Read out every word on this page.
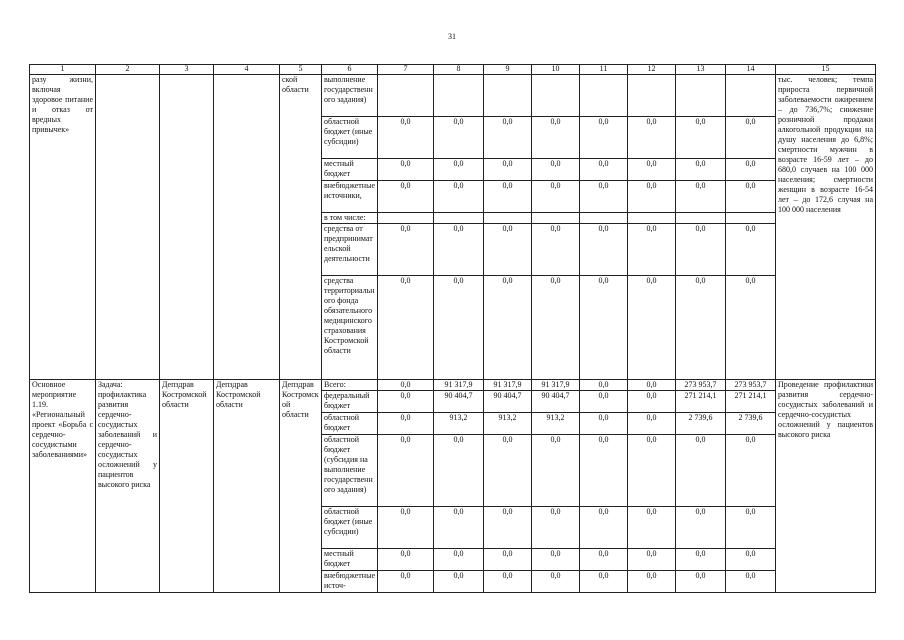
31
1	2	3	4	5	6	7	8	9	10	11	12	13	14	15
разу жизни, включая здоровое питание и отказ от вредных привычек»				ской области	выполнение государственного задания)									тыс. человек; темпа прироста первичной заболеваемости ожирением – до 736,7%; снижение розничной продажи алкогольной продукции на душу населения до 6,8%; смертности мужчин в возрасте 16-59 лет – до 680,0 случаев на 100 000 населения; смертности женщин в возрасте 16-54 лет – до 172,6 случая на 100 000 населения
					областной бюджет (иные субсидии)	0,0	0,0	0,0	0,0	0,0	0,0	0,0	0,0	
					местный бюджет	0,0	0,0	0,0	0,0	0,0	0,0	0,0	0,0	
					внебюджетные источники,	0,0	0,0	0,0	0,0	0,0	0,0	0,0	0,0	
					в том числе:									
					средства от предпринимательской деятельности	0,0	0,0	0,0	0,0	0,0	0,0	0,0	0,0	
					средства территориального фонда обязательного медицинского страхования Костромской области	0,0	0,0	0,0	0,0	0,0	0,0	0,0	0,0	
Основное мероприятие 1.19. «Региональный проект «Борьба с сердечно-сосудистыми заболеваниями»	Задача: профилактика развития сердечно-сосудистых заболеваний и сердечно-сосудистых осложнений у пациентов высокого риска	Депздрав Костромской области	Депздрав Костромской области	Депздрав Костромской области	Всего:	0,0	91 317,9	91 317,9	91 317,9	0,0	0,0	273 953,7	273 953,7	Проведение профилактики развития сердечно-сосудистых заболеваний и сердечно-сосудистых осложнений у пациентов высокого риска
					федеральный бюджет	0,0	90 404,7	90 404,7	90 404,7	0,0	0,0	271 214,1	271 214,1	
					областной бюджет	0,0	913,2	913,2	913,2	0,0	0,0	2 739,6	2 739,6	
					областной бюджет (субсидия на выполнение государственного задания)	0,0	0,0	0,0	0,0	0,0	0,0	0,0	0,0	
					областной бюджет (иные субсидии)	0,0	0,0	0,0	0,0	0,0	0,0	0,0	0,0	
					местный бюджет	0,0	0,0	0,0	0,0	0,0	0,0	0,0	0,0	
					внебюджетные источ-	0,0	0,0	0,0	0,0	0,0	0,0	0,0	0,0	
